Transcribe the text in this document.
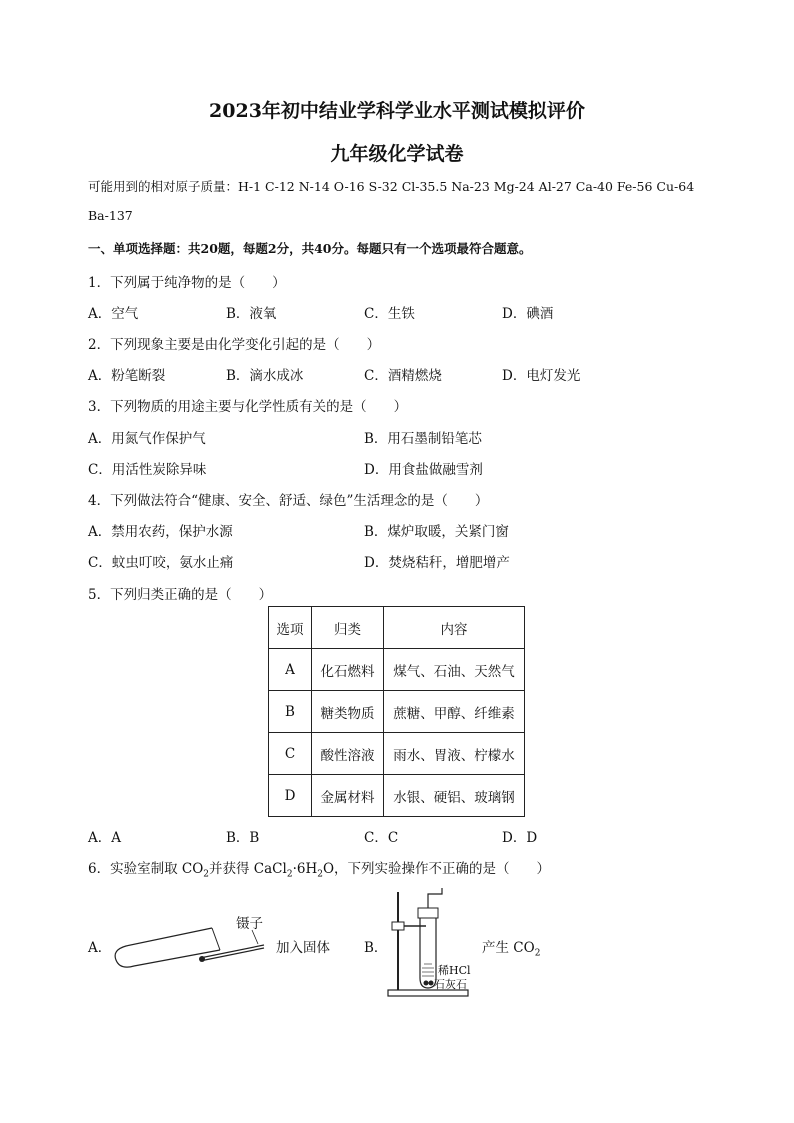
2023年初中结业学科学业水平测试模拟评价
九年级化学试卷
可能用到的相对原子质量：H-1 C-12 N-14 O-16 S-32 Cl-35.5 Na-23 Mg-24 Al-27 Ca-40 Fe-56 Cu-64
Ba-137
一、单项选择题：共20题，每题2分，共40分。每题只有一个选项最符合题意。
1．下列属于纯净物的是（　　）
A．空气	B．液氧	C．生铁	D．碘酒
2．下列现象主要是由化学变化引起的是（　　）
A．粉笔断裂	B．滴水成冰	C．酒精燃烧	D．电灯发光
3．下列物质的用途主要与化学性质有关的是（　　）
A．用氮气作保护气	B．用石墨制铅笔芯
C．用活性炭除异味	D．用食盐做融雪剂
4．下列做法符合“健康、安全、舒适、绿色”生活理念的是（　　）
A．禁用农药，保护水源	B．煤炉取暖，关紧门窗
C．蚊虫叮咬，氨水止痛	D．焚烧秸秆，增肥增产
5．下列归类正确的是（　　）
选项	归类	内容
A	化石燃料	煤气、石油、天然气
B	糖类物质	蔗糖、甲醇、纤维素
C	酸性溶液	雨水、胃液、柠檬水
D	金属材料	水银、硬铝、玻璃钢
A．A	B．B	C．C	D．D
6．实验室制取 $CO_2$并获得 $CaCl_2\cdot 6H_2O$，下列实验操作不正确的是（　　）
A．
镊子
加入固体	B．
稀HCl
石灰石
产生 $CO_2$
